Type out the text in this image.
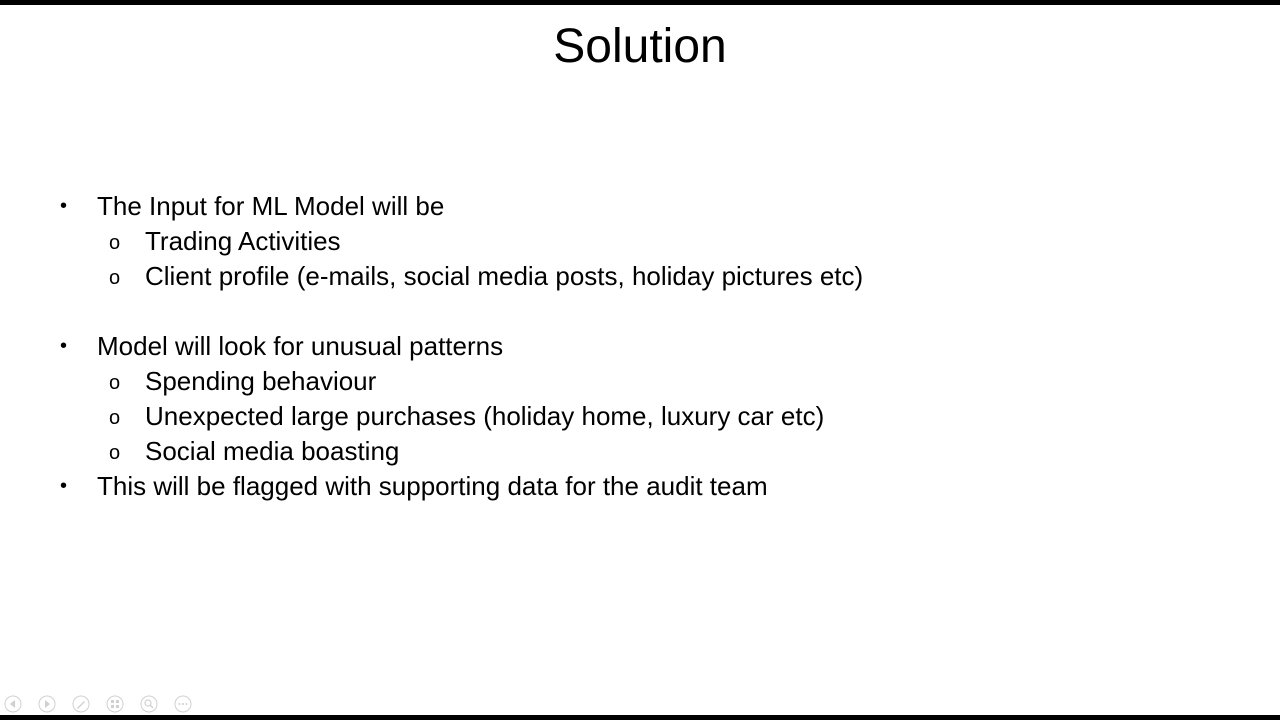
Solution
• The Input for ML Model will be
o Trading Activities
o Client profile (e-mails, social media posts, holiday pictures etc)
• Model will look for unusual patterns
o Spending behaviour
o Unexpected large purchases (holiday home, luxury car etc)
o Social media boasting
• This will be flagged with supporting data for the audit team
